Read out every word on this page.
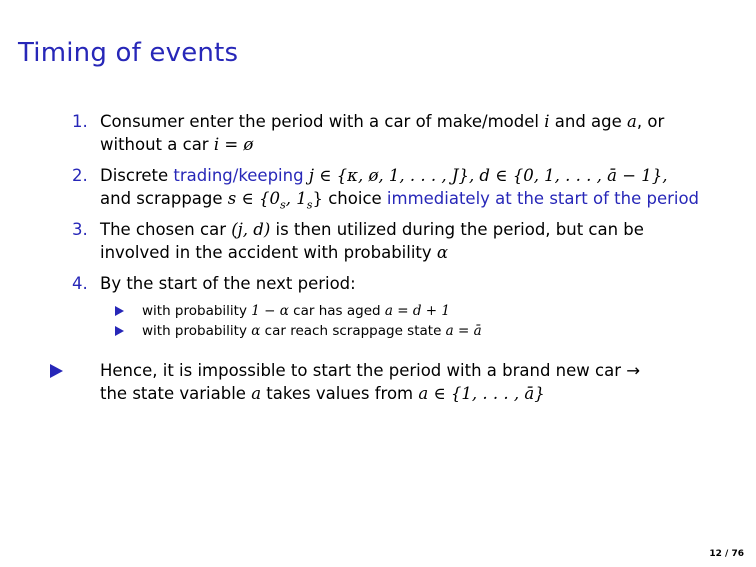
Timing of events
1. Consumer enter the period with a car of make/model i and age a, or without a car i = ø
2. Discrete trading/keeping j ∈ {κ, ø, 1, . . . , J}, d ∈ {0, 1, . . . , ā − 1},
and scrappage s ∈ {$0_s$, $1_s$} choice immediately at the start of the period
3. The chosen car (j, d) is then utilized during the period, but can be involved in the accident with probability α
4. By the start of the next period:
with probability 1 − α car has aged a = d + 1
with probability α car reach scrappage state a = ā
Hence, it is impossible to start the period with a brand new car →
the state variable a takes values from a ∈ {1, . . . , ā}
12 / 76
